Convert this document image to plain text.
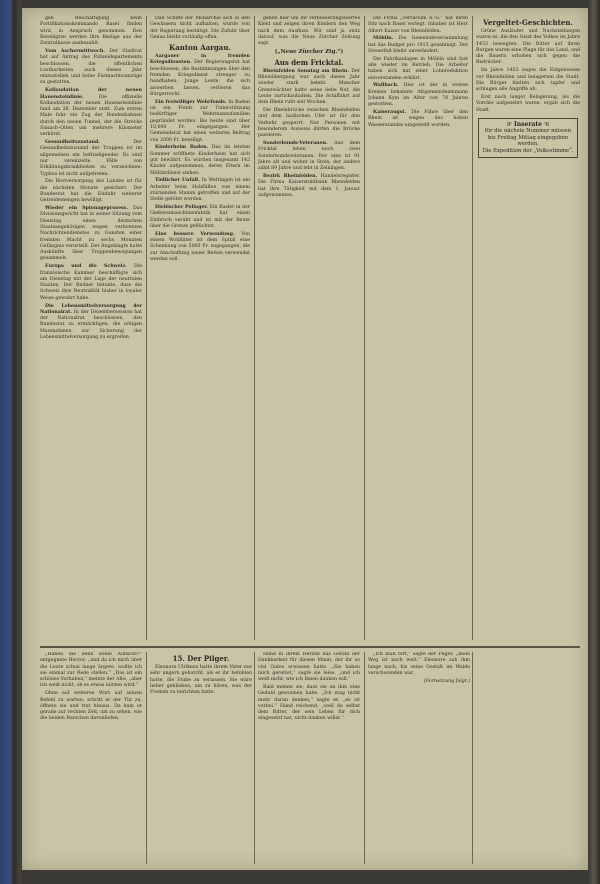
gen Beschäftigung beim Fortifikationskommando Basel finden wird, in Anspruch genommen. Den Beteiligten werden ihre Bezüge aus der Zentralkasse ausbezahlt.

Vom Aschermittwoch. Der Stadtrat hat auf Antrag des Polizeidepartements beschlossen, die öffentlichen Lustbarkeiten auch dieses Jahr einzustellen und keine Fastnachtsumzüge zu gestatten.

Kollaudation der neuen Hauensteinlinie.	Die offizielle Kollaudation der neuen Hauensteinlinie fand am 28. Dezember statt. Zum ersten Male fuhr ein Zug der Bundesbahnen durch den neuen Tunnel, der die Strecke Sissach–Olten um mehrere Kilometer verkürzt.

Gesundheitszustand.	Der Gesundheitszustand der Truppen ist im allgemeinen ein befriedigender. Es sind nur vereinzelte Fälle von Erkältungskrankheiten zu verzeichnen; Typhus ist nicht aufgetreten.

Die Brotversorgung des Landes ist für die nächsten Monate gesichert. Der Bundesrat hat die Einfuhr weiterer Getreidemengen bewilligt.

Wieder ein Spionageprozess. Das Divisionsgericht hat in seiner Sitzung vom Dienstag einen deutschen Staatsangehörigen wegen verbotenen Nachrichtendienstes zu Gunsten einer fremden Macht zu sechs Monaten Gefängnis verurteilt. Der Angeklagte hatte Auskünfte über Truppenbewegungen gesammelt.

Europa und die Schweiz. Die französische Kammer beschäftigte sich am Dienstag mit der Lage der neutralen Staaten. Der Redner betonte, dass die Schweiz ihre Neutralität bisher in loyaler Weise gewahrt habe.

Die Lebensmittelversorgung der Nationalrat. In der Dezembersession hat der Nationalrat beschlossen, den Bundesrat zu ermächtigen, die nötigen Massnahmen zur Sicherung der Lebensmittelversorgung zu ergreifen.

Daß Schiffe der Monarchie sich in den Gewässern nicht aufhalten, wurde von der Regierung bestätigt. Die Zufuhr über Genua bleibt vorläufig offen.

Kanton Aargau.

Aargauer in fremden Kriegsdiensten. Der Regierungsrat hat beschlossen, die Bestimmungen über den fremden Kriegsdienst strenger zu handhaben. Junge Leute, die sich anwerben lassen, verlieren das Bürgerrecht.

Ein freiwilliger Wehrfonds. In Baden ist ein Fonds zur Unterstützung bedürftiger Wehrmannsfamilien gegründet worden. Bis heute sind über 10,000 Fr. eingegangen. Der Gemeinderat hat einen weiteren Beitrag von 2000 Fr. bewilligt.

Kinderheim Baden. Das im letzten Sommer eröffnete Kinderheim hat sich gut bewährt. Es wurden insgesamt 142 Kinder aufgenommen, deren Eltern im Militärdienst stehen.

Tödlicher Unfall. In Wettingen ist ein Arbeiter beim Holzfällen von einem stürzenden Stamm getroffen und auf der Stelle getötet worden.

Diebischer Pollager. Ein Basler in der Gießereimaschinenfabrik hat einen Einbruch verübt und ist mit der Beute über die Grenze geflüchtet.

Eine bessere Verwendung. Von einem Wohltäter ist dem Spital eine Schenkung von 5000 Fr. zugegangen, die zur Anschaffung neuer Betten verwendet werden soll.

gehen hier um ihr verbesserungswertes Kleid und zeigen ihren Kindern den Weg nach dem Ausfluss. Wir sind ja stolz darauf, was die Neue Zürcher Zeitung sagt.

(„Neue Zürcher Ztg.“)
Aus dem Fricktal.

Rheinfelden Sonntag am Rhein. Der Rheinübergang war auch dieses Jahr wieder stark belebt. Mancher Grenzwächter hatte seine liebe Not, die Leute zurückzuhalten. Die Schiffahrt auf dem Rhein ruht seit Wochen.

Die Rheinbrücke zwischen Rheinfelden und dem badischen Ufer ist für den Verkehr gesperrt. Nur Personen mit besonderem Ausweis dürfen die Brücke passieren.

Sonderbunds-Veteranen. Aus dem Fricktal leben noch zwei Sonderbundsveteranen. Der eine ist 91 Jahre alt und wohnt in Stein, der andere zählt 89 Jahre und lebt in Zeiningen.

Bezirk Rheinfelden. Handelsregister. Die Firma Kaiserstuhlbank Rheinfelden hat ihre Tätigkeit mit dem 1. Januar aufgenommen.

Die Firma „Terrarium A.-G.“ hat ihren Sitz nach Basel verlegt. Inhaber ist Herr Albert Kaiser von Rheinfelden.

Möhlin. Die Gemeindeversammlung hat das Budget pro 1915 genehmigt. Der Steuerfuß bleibt unverändert.

Die Fabrikanlagen in Möhlin sind fast alle wieder im Betrieb. Die Arbeiter haben sich mit einer Lohnreduktion einverstanden erklärt.

Wallbach. Hier ist der in weiten Kreisen bekannte Altgemeindeammann Johann Kym im Alter von 78 Jahren gestorben.

Kaiseraugst. Die Fähre über den Rhein ist wegen des hohen Wasserstandes eingestellt worden.

Vergeltet-Geschichten.

Grüne Ausläufer und Nachstellungen waren es, die den Geist des Volkes im Jahre 1453 bewegten. Die Ritter auf ihren Burgen waren eine Plage für das Land, und die Bauern erhoben sich gegen die Bedrücker.

Im Jahre 1453 zogen die Eidgenossen vor Rheinfelden und belagerten die Stadt. Die Bürger hielten sich tapfer und schlugen alle Angriffe ab.

Erst nach langer Belagerung, als die Vorräte aufgezehrt waren, ergab sich die Stadt.

☞ Inserate ☜
für die nächste Nummer müssen bis Freitag Mittag eingegeben werden.
Die Expedition der „Volksstimme“.

„Haben die denn keine Aufsicht?“ entgegnete Hector, „und da ich mich über die Leute schon lange ärgere, wollte ich sie einmal zur Rede stellen.“ „Das ist ein schönes Vorhaben,“ meinte der Alte, „aber ich weiß nicht, ob es etwas nützen wird.“

Ohne auf weiteres Wort auf seinen Befehl zu warten, schritt er der Tür zu, öffnete sie und trat hinaus. Da kam er gerade zur rechten Zeit, um zu sehen, wie die beiden Burschen davonliefen.

15. Der Pilger.

Eleonore Ulrikens hatte ihrem Vater nur sehr ungern gehorcht, als er ihr befohlen hatte, die Stube zu verlassen. Sie wäre lieber geblieben, um zu hören, was der Fremde zu berichten hatte.

Hand in ihrem Herzen das Gefühl der Dankbarkeit für diesen Mann, der ihr so viel Gutes erwiesen hatte. „Sie haben mich gerettet,“ sagte sie leise, „und ich weiß nicht, wie ich Ihnen danken soll.“

Bald meinte sie, dass sie an ihm eine Geduld gewonnen habe. „Ich mag nicht mehr daran denken,“ sagte er, „es ist vorbei.“ Hand reichend, „weil du selbst dem Ritter, der sein Leben für dich eingesetzt hat, nicht danken willst.“

„Ich muß fort,“ sagte der Pilger, „mein Weg ist noch weit.“ Eleonore sah ihm lange nach, bis seine Gestalt im Walde verschwunden war.

(Fortsetzung folgt.)
